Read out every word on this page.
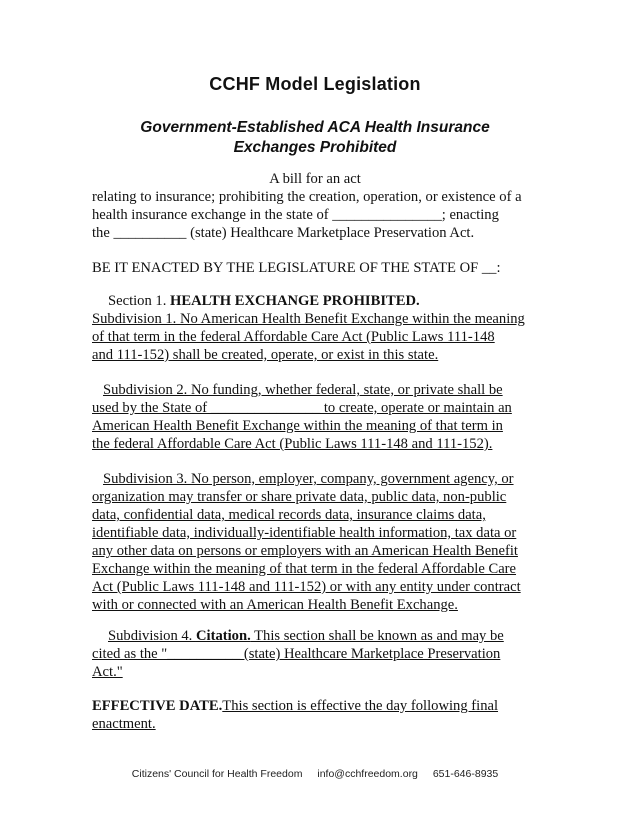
CCHF Model Legislation
Government-Established ACA Health Insurance
Exchanges Prohibited
A bill for an act
relating to insurance; prohibiting the creation, operation, or existence of a
health insurance exchange in the state of _______________; enacting
the __________ (state) Healthcare Marketplace Preservation Act.
BE IT ENACTED BY THE LEGISLATURE OF THE STATE OF __:
Section 1. HEALTH EXCHANGE PROHIBITED.
Subdivision 1. No American Health Benefit Exchange within the meaning
of that term in the federal Affordable Care Act (Public Laws 111-148
and 111-152) shall be created, operate, or exist in this state.
Subdivision 2. No funding, whether federal, state, or private shall be
used by the State of _______________ to create, operate or maintain an
American Health Benefit Exchange within the meaning of that term in
the federal Affordable Care Act (Public Laws 111-148 and 111-152).
Subdivision 3. No person, employer, company, government agency, or
organization may transfer or share private data, public data, non-public
data, confidential data, medical records data, insurance claims data,
identifiable data, individually-identifiable health information, tax data or
any other data on persons or employers with an American Health Benefit
Exchange within the meaning of that term in the federal Affordable Care
Act (Public Laws 111-148 and 111-152) or with any entity under contract
with or connected with an American Health Benefit Exchange.
Subdivision 4. Citation. This section shall be known as and may be
cited as the "__________ (state) Healthcare Marketplace Preservation
Act."
EFFECTIVE DATE.This section is effective the day following final
enactment.
Citizens' Council for Health Freedom info@cchfreedom.org 651-646-8935
